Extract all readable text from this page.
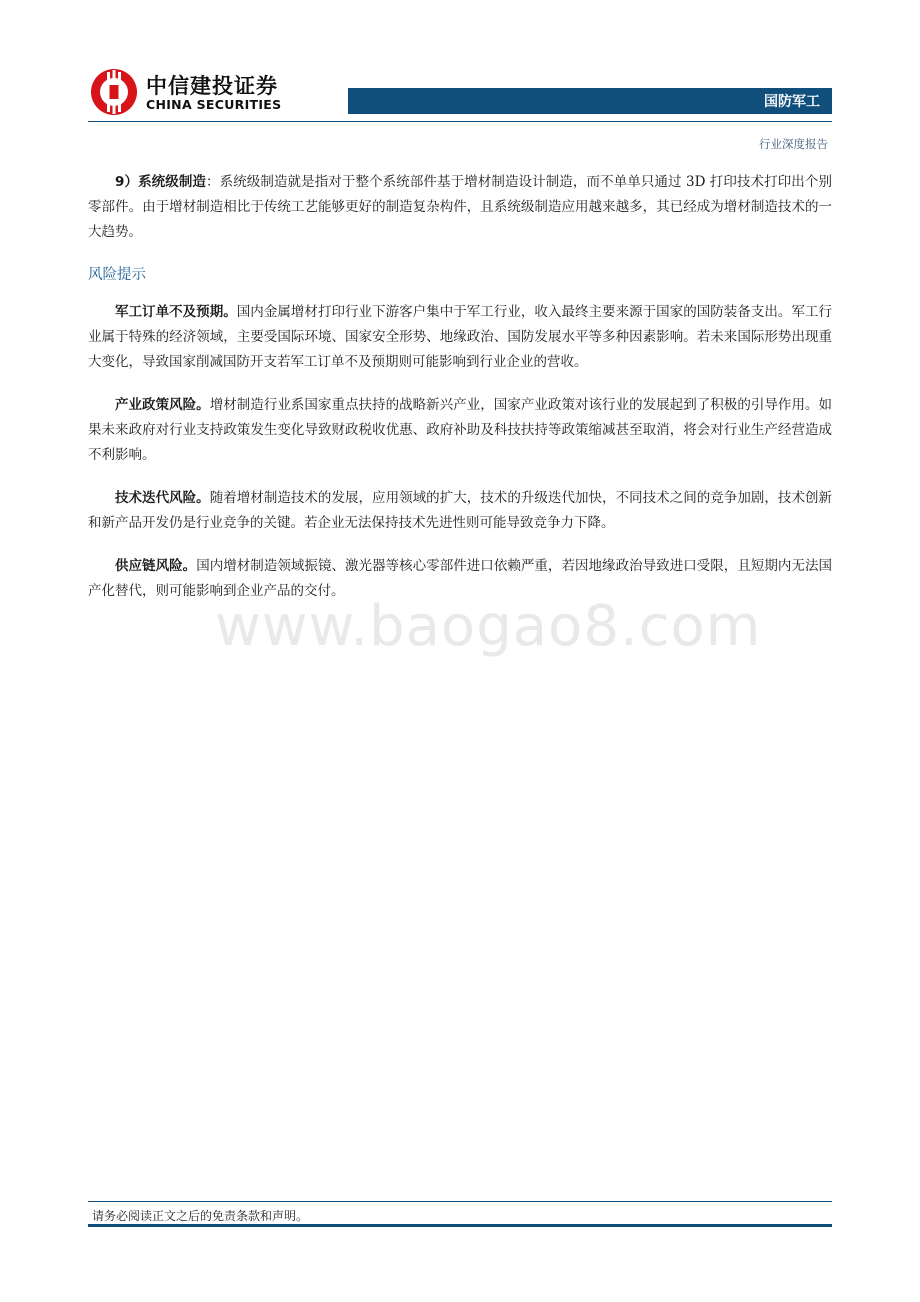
中信建投证券
CHINA SECURITIES	国防军工
行业深度报告

9）系统级制造：系统级制造就是指对于整个系统部件基于增材制造设计制造，而不单单只通过 3D 打印技术打印出个别零部件。由于增材制造相比于传统工艺能够更好的制造复杂构件，且系统级制造应用越来越多，其已经成为增材制造技术的一大趋势。

风险提示

军工订单不及预期。国内金属增材打印行业下游客户集中于军工行业，收入最终主要来源于国家的国防装备支出。军工行业属于特殊的经济领域，主要受国际环境、国家安全形势、地缘政治、国防发展水平等多种因素影响。若未来国际形势出现重大变化，导致国家削减国防开支若军工订单不及预期则可能影响到行业企业的营收。

产业政策风险。增材制造行业系国家重点扶持的战略新兴产业，国家产业政策对该行业的发展起到了积极的引导作用。如果未来政府对行业支持政策发生变化导致财政税收优惠、政府补助及科技扶持等政策缩减甚至取消，将会对行业生产经营造成不利影响。

技术迭代风险。随着增材制造技术的发展，应用领域的扩大，技术的升级迭代加快，不同技术之间的竞争加剧，技术创新和新产品开发仍是行业竞争的关键。若企业无法保持技术先进性则可能导致竞争力下降。

供应链风险。国内增材制造领域振镜、激光器等核心零部件进口依赖严重，若因地缘政治导致进口受限，且短期内无法国产化替代，则可能影响到企业产品的交付。

www.baogao8.com
请务必阅读正文之后的免责条款和声明。
